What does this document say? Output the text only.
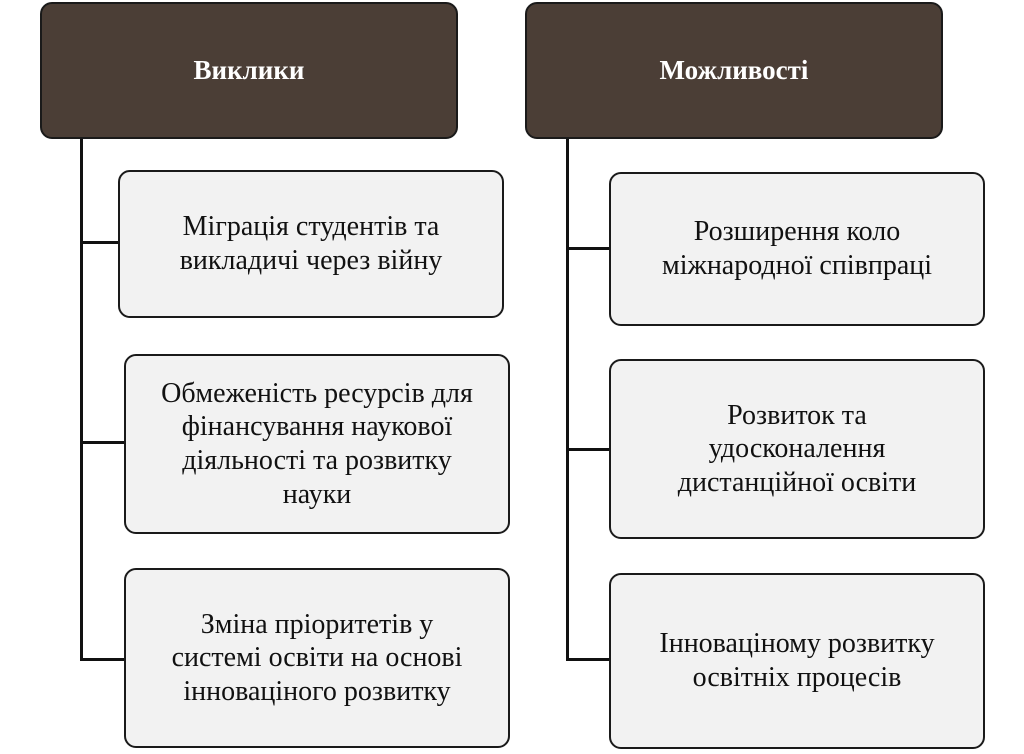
Виклики	Можливості
Міграція студентів та
викладичі через війну
Обмеженість ресурсів для
фінансування наукової
діяльності та розвитку
науки
Зміна пріоритетів у
системі освіти на основі
інноваціного розвитку
Розширення коло
міжнародної співпраці
Розвиток та
удосконалення
дистанційної освіти
Інноваціному розвитку
освітніх процесів
